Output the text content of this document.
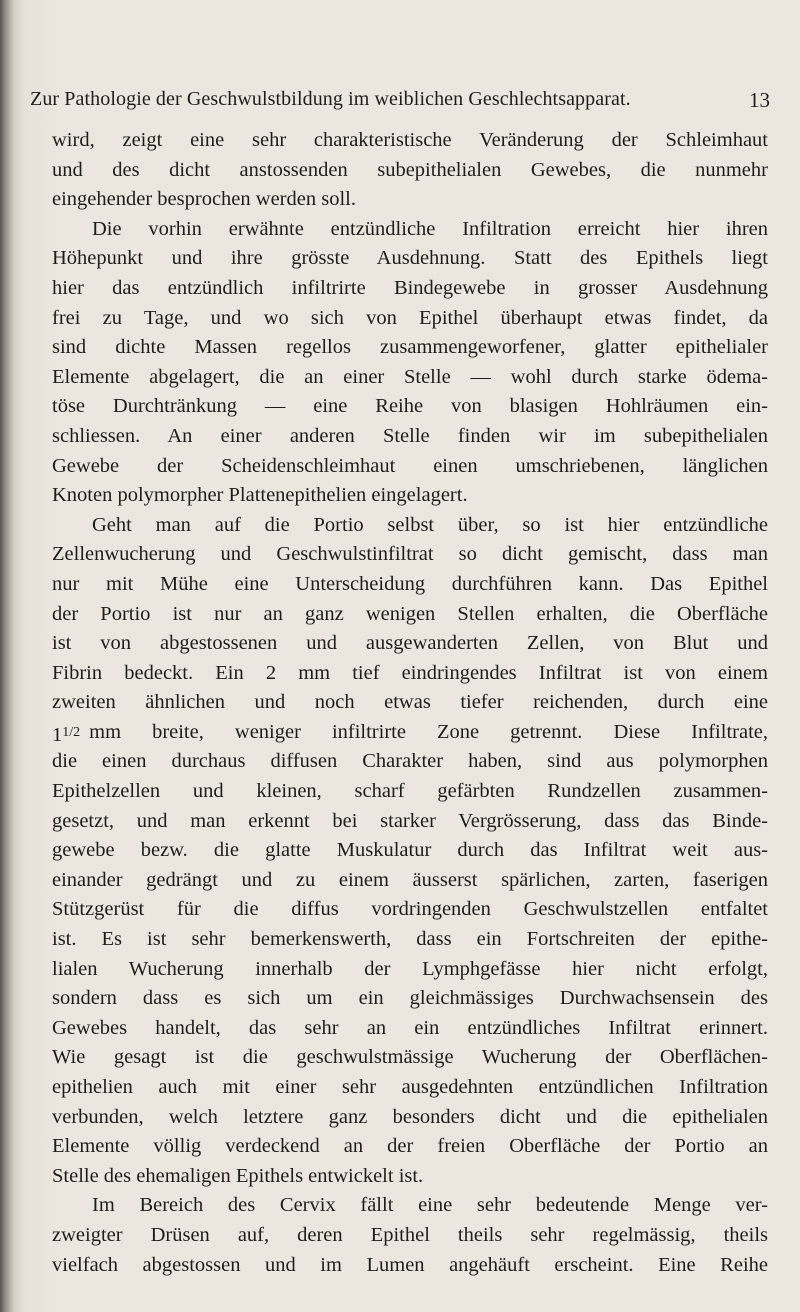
Zur Pathologie der Geschwulstbildung im weiblichen Geschlechtsapparat.	13
wird, zeigt eine sehr charakteristische Veränderung der Schleimhaut
und des dicht anstossenden subepithelialen Gewebes, die nunmehr
eingehender besprochen werden soll.
Die vorhin erwähnte entzündliche Infiltration erreicht hier ihren
Höhepunkt und ihre grösste Ausdehnung. Statt des Epithels liegt
hier das entzündlich infiltrirte Bindegewebe in grosser Ausdehnung
frei zu Tage, und wo sich von Epithel überhaupt etwas findet, da
sind dichte Massen regellos zusammengeworfener, glatter epithelialer
Elemente abgelagert, die an einer Stelle — wohl durch starke ödema-
töse Durchtränkung — eine Reihe von blasigen Hohlräumen ein-
schliessen. An einer anderen Stelle finden wir im subepithelialen
Gewebe der Scheidenschleimhaut einen umschriebenen, länglichen
Knoten polymorpher Plattenepithelien eingelagert.
Geht man auf die Portio selbst über, so ist hier entzündliche
Zellenwucherung und Geschwulstinfiltrat so dicht gemischt, dass man
nur mit Mühe eine Unterscheidung durchführen kann. Das Epithel
der Portio ist nur an ganz wenigen Stellen erhalten, die Oberfläche
ist von abgestossenen und ausgewanderten Zellen, von Blut und
Fibrin bedeckt. Ein 2 mm tief eindringendes Infiltrat ist von einem
zweiten ähnlichen und noch etwas tiefer reichenden, durch eine
$1^{1/2}$ mm breite, weniger infiltrirte Zone getrennt. Diese Infiltrate,
die einen durchaus diffusen Charakter haben, sind aus polymorphen
Epithelzellen und kleinen, scharf gefärbten Rundzellen zusammen-
gesetzt, und man erkennt bei starker Vergrösserung, dass das Binde-
gewebe bezw. die glatte Muskulatur durch das Infiltrat weit aus-
einander gedrängt und zu einem äusserst spärlichen, zarten, faserigen
Stützgerüst für die diffus vordringenden Geschwulstzellen entfaltet
ist. Es ist sehr bemerkenswerth, dass ein Fortschreiten der epithe-
lialen Wucherung innerhalb der Lymphgefässe hier nicht erfolgt,
sondern dass es sich um ein gleichmässiges Durchwachsensein des
Gewebes handelt, das sehr an ein entzündliches Infiltrat erinnert.
Wie gesagt ist die geschwulstmässige Wucherung der Oberflächen-
epithelien auch mit einer sehr ausgedehnten entzündlichen Infiltration
verbunden, welch letztere ganz besonders dicht und die epithelialen
Elemente völlig verdeckend an der freien Oberfläche der Portio an
Stelle des ehemaligen Epithels entwickelt ist.
Im Bereich des Cervix fällt eine sehr bedeutende Menge ver-
zweigter Drüsen auf, deren Epithel theils sehr regelmässig, theils
vielfach abgestossen und im Lumen angehäuft erscheint. Eine Reihe
